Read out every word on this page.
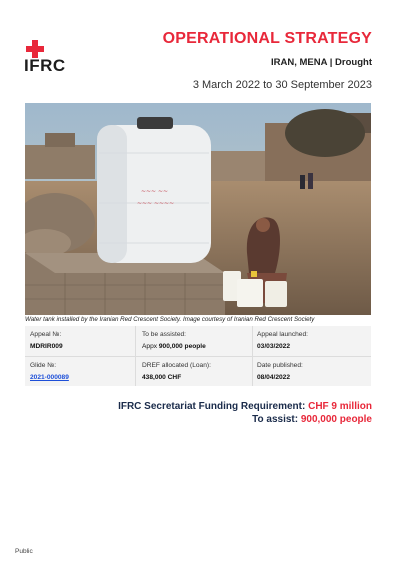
IFRC
OPERATIONAL STRATEGY
IRAN, MENA | Drought
3 March 2022 to 30 September 2023
~~~ ~~
~~~ ~~~~
Water tank installed by the Iranian Red Crescent Society. Image courtesy of Iranian Red Crescent Society
Appeal №:
MDRIR009
To be assisted:
Appx 900,000 people
Appeal launched:
03/03/2022
Glide №:
2021-000089
DREF allocated (Loan):
438,000 CHF
Date published:
08/04/2022
IFRC Secretariat Funding Requirement: CHF 9 million
To assist: 900,000 people
Public
